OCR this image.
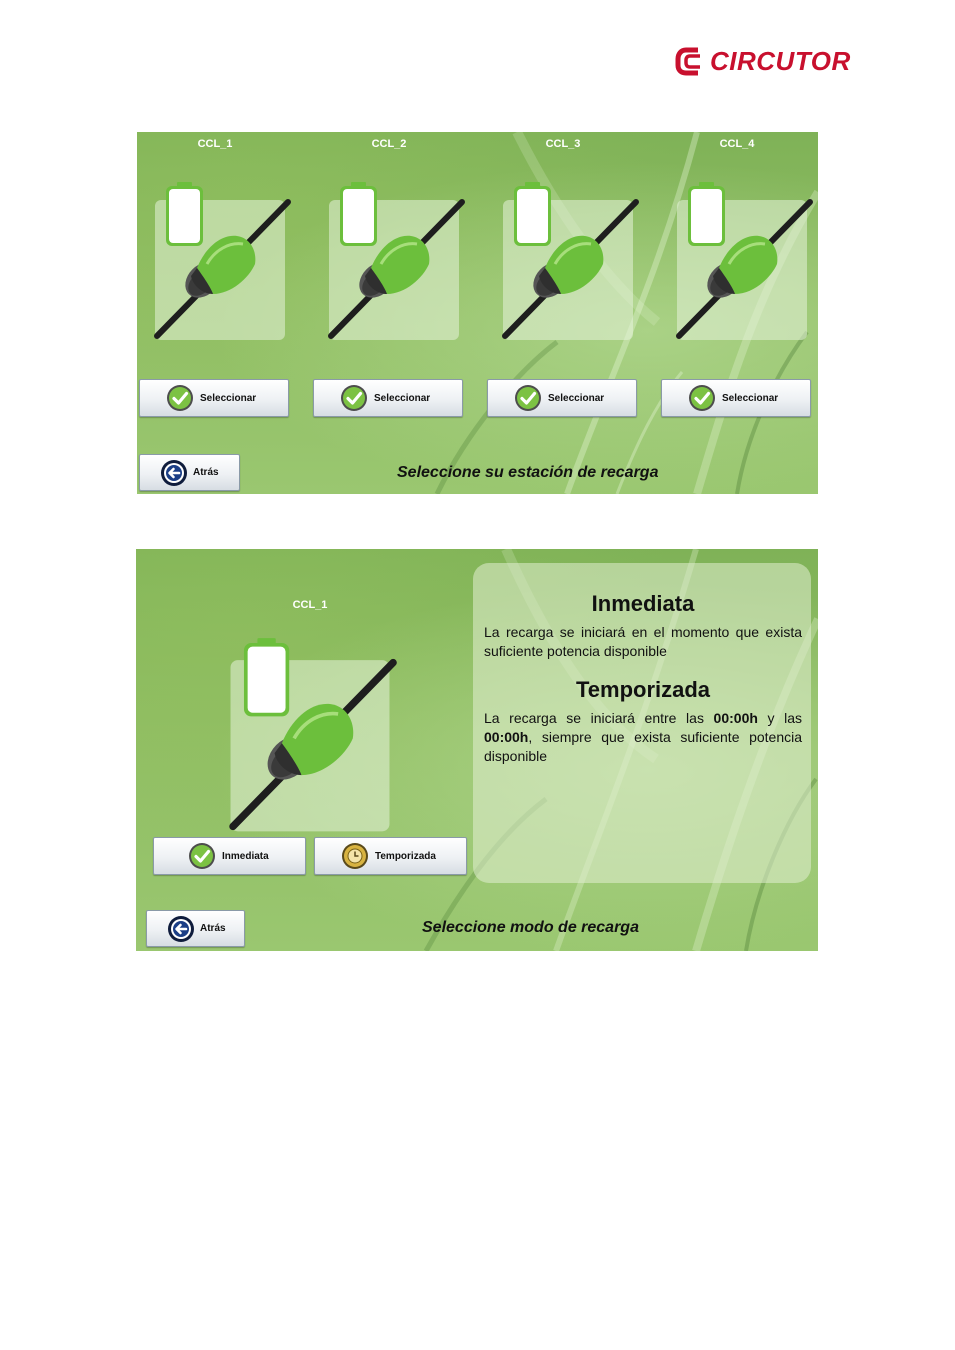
CIRCUTOR
CCL_1	CCL_2	CCL_3	CCL_4
Seleccionar	Seleccionar	Seleccionar	Seleccionar
Atrás	Seleccione su estación de recarga
CCL_1
Inmediata	Temporizada
Inmediata
La recarga se iniciará en el momento que exista suficiente potencia disponible
Temporizada
La recarga se iniciará entre las 00:00h y las 00:00h, siempre que exista suficiente potencia disponible
Atrás	Seleccione modo de recarga
